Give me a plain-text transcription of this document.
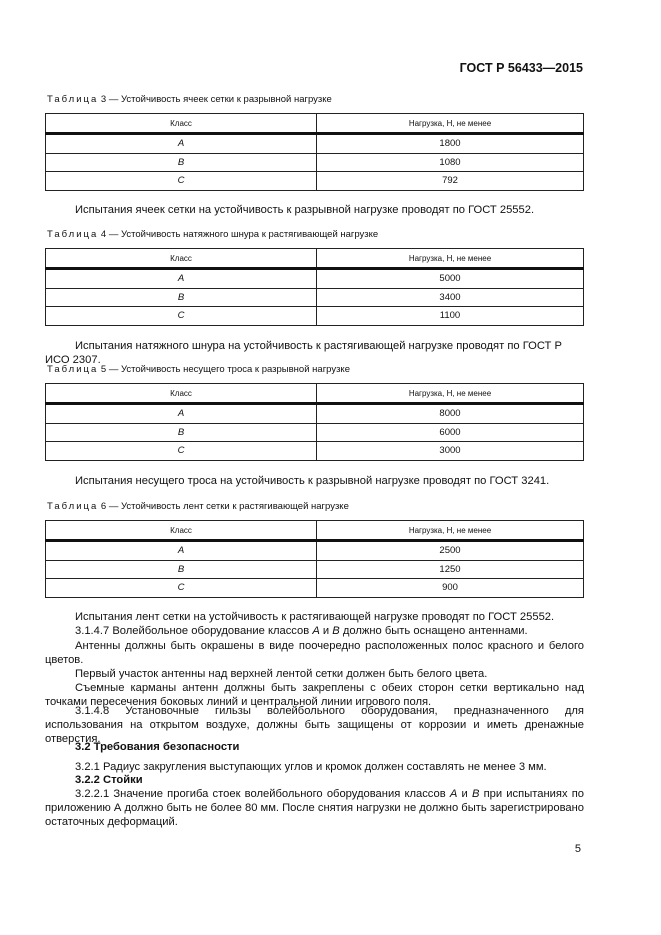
ГОСТ Р 56433—2015
Таблица 3 — Устойчивость ячеек сетки к разрывной нагрузке
Класс	Нагрузка, Н, не менее
A	1800
B	1080
C	792
Испытания ячеек сетки на устойчивость к разрывной нагрузке проводят по ГОСТ 25552.
Таблица 4 — Устойчивость натяжного шнура к растягивающей нагрузке
Класс	Нагрузка, Н, не менее
A	5000
B	3400
C	1100
Испытания натяжного шнура на устойчивость к растягивающей нагрузке проводят по ГОСТ Р ИСО 2307.
Таблица 5 — Устойчивость несущего троса к разрывной нагрузке
Класс	Нагрузка, Н, не менее
A	8000
B	6000
C	3000
Испытания несущего троса на устойчивость к разрывной нагрузке проводят по ГОСТ 3241.
Таблица 6 — Устойчивость лент сетки к растягивающей нагрузке
Класс	Нагрузка, Н, не менее
A	2500
B	1250
C	900
Испытания лент сетки на устойчивость к растягивающей нагрузке проводят по ГОСТ 25552.
3.1.4.7 Волейбольное оборудование классов А и В должно быть оснащено антеннами.
Антенны должны быть окрашены в виде поочередно расположенных полос красного и белого цветов.
Первый участок антенны над верхней лентой сетки должен быть белого цвета.
Съемные карманы антенн должны быть закреплены с обеих сторон сетки вертикально над точками пересечения боковых линий и центральной линии игрового поля.
3.1.4.8 Установочные гильзы волейбольного оборудования, предназначенного для использования на открытом воздухе, должны быть защищены от коррозии и иметь дренажные отверстия.
3.2 Требования безопасности
3.2.1 Радиус закругления выступающих углов и кромок должен составлять не менее 3 мм.
3.2.2 Стойки
3.2.2.1 Значение прогиба стоек волейбольного оборудования классов А и В при испытаниях по приложению А должно быть не более 80 мм. После снятия нагрузки не должно быть зарегистрировано остаточных деформаций.
5
